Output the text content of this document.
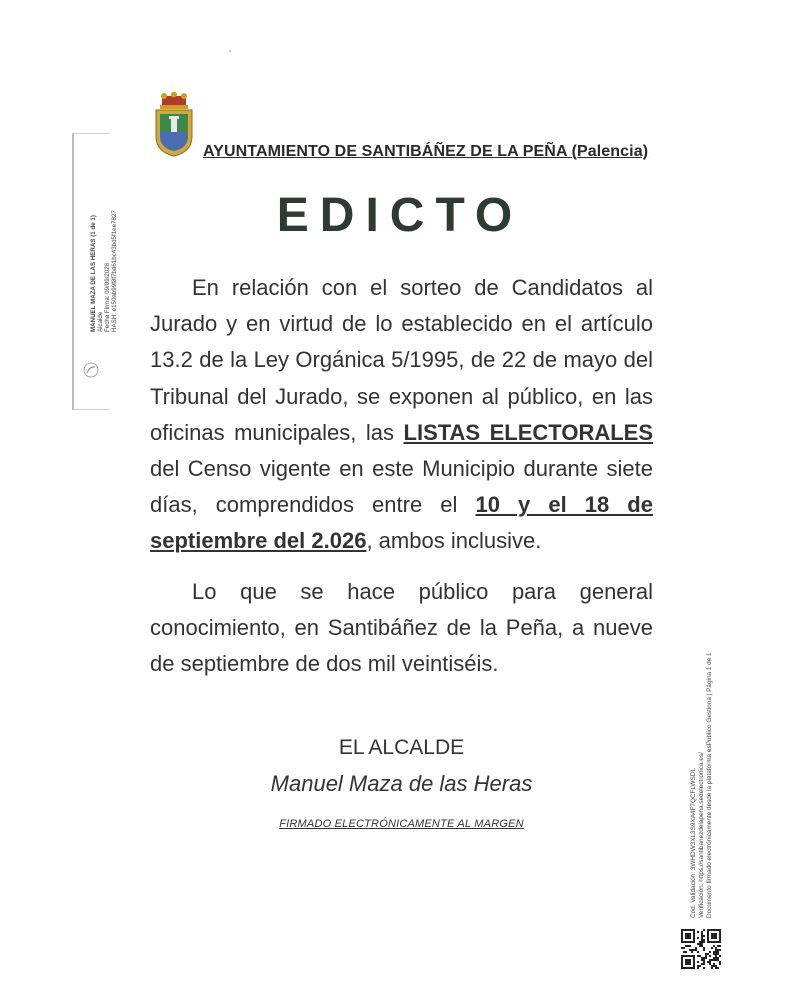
AYUNTAMIENTO DE SANTIBÁÑEZ DE LA PEÑA (Palencia)
EDICTO

En relación con el sorteo de Candidatos al Jurado y en virtud de lo establecido en el artículo 13.2 de la Ley Orgánica 5/1995, de 22 de mayo del Tribunal del Jurado, se exponen al público, en las oficinas municipales, las LISTAS ELECTORALES del Censo vigente en este Municipio durante siete días, comprendidos entre el 10 y el 18 de septiembre del 2.026, ambos inclusive.

Lo que se hace público para general conocimiento, en Santibáñez de la Peña, a nueve de septiembre de dos mil veintiséis.

EL ALCALDE
Manuel Maza de las Heras
FIRMADO ELECTRÓNICAMENTE AL MARGEN
MANUEL MAZA DE LAS HERAS (1 de 1) Alcalde Fecha Firma: 09/09/2026 HASH: e150ab99f8f7bd61bc43bd5f1ee7827
Cód. Validación: 3WHDW3XL3S9XA4F7QCFLWSDL Verificación: https://santibanezdelapena.sedelectronica.es/ Documento firmado electrónicamente desde la plataforma esPublico Gestiona | Página 1 de 1
